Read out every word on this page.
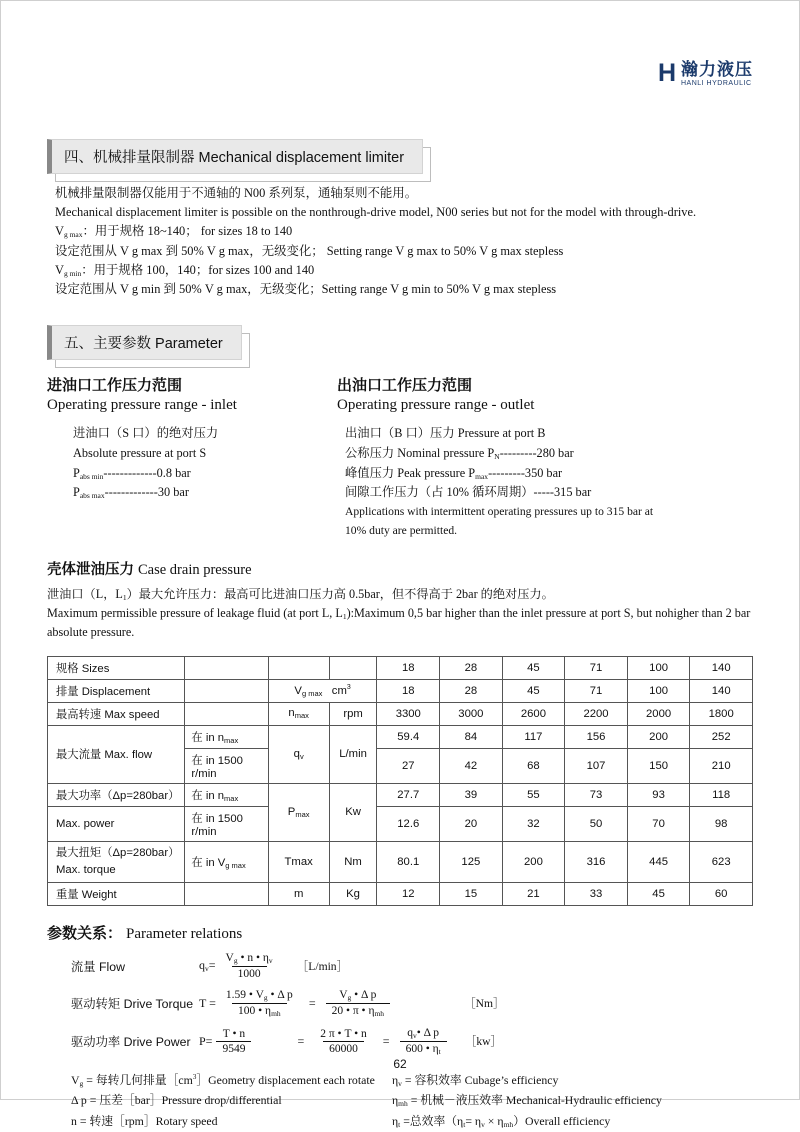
H 瀚力液压
HANLI HYDRAULIC
四、机械排量限制器 Mechanical displacement limiter
机械排量限制器仅能用于不通轴的 N00 系列泵，通轴泵则不能用。
Mechanical displacement limiter is possible on the nonthrough-drive model, N00 series but not for the model with through-drive.
$V_{g max}$：用于规格 18~140； for sizes 18 to 140
设定范围从 V g max 到 50% V g max，无级变化； Setting range V g max to 50% V g max stepless
$V_{g min}$：用于规格 100，140；for sizes 100 and 140
设定范围从 V g min 到 50% V g max，无级变化；Setting range V g min to 50% V g max stepless
五、主要参数 Parameter
进油口工作压力范围
Operating pressure range - inlet
进油口（S 口）的绝对压力
Absolute pressure at port S
$P_{abs min}-------------0.8$ bar
$P_{abs max}-------------30$ bar
出油口工作压力范围
Operating pressure range - outlet
出油口（B 口）压力 Pressure at port B
公称压力 Nominal pressure $P_N---------280$ bar
峰值压力 Peak pressure $P_{max}---------350$ bar
间隙工作压力（占 10% 循环周期）-----315 bar
Applications with intermittent operating pressures up to 315 bar at
10% duty are permitted.
壳体泄油压力 Case drain pressure
泄油口（L，$L_1$）最大允许压力：最高可比进油口压力高 0.5bar，但不得高于 2bar 的绝对压力。
Maximum permissible pressure of leakage fluid (at port L, $L_1):Maximum$ 0,5 bar higher than the inlet pressure at port S, but nohigher than 2 bar
absolute pressure.
规格 Sizes				18	28	45	71	100	140
排量 Displacement		$V_{g max}$   $cm^3$		18	28	45	71	100	140
最高转速 Max speed		$n_{max}$	rpm	3300	3000	2600	2200	2000	1800
最大流量 Max. flow	在 in $n_{max}$	$q_v$	L/min	59.4	84	117	156	200	252
	在 in 1500 r/min			27	42	68	107	150	210
最大功率（Δp=280bar）	在 in $n_{max}$	$P_{max}$	Kw	27.7	39	55	73	93	118
Max. power	在 in 1500 r/min			12.6	20	32	50	70	98
最大扭矩（Δp=280bar）
Max. torque	在 in $V_{g max}$	Tmax	Nm	80.1	125	200	316	445	623
重量 Weight		m	Kg	12	15	21	33	45	60
参数关系： Parameter relations
流量 Flow	$q_v= \frac{V_g • n • \eta_v}{1000}$ ［L/min］
驱动转矩 Drive Torque $T = \frac{1.59 • V_g • \Delta p}{100 • \eta_{mh}} = \frac{V_g • \Delta p}{20 • \pi • \eta_{mh}}$	［Nm］
驱动功率 Drive Power $P= \frac{T • n}{9549}$	= $\frac{2 \pi • T • n}{60000} = \frac{q_v• \Delta p}{600 • \eta_t}$ ［kw］
$V_g$ = 每转几何排量$[cm^3]Geometry$ displacement each rotate
Δ p = 压差［bar］Pressure drop/differential
n = 转速［rpm］Rotary speed
$\eta_v$ = 容积效率 Cubage’s efficiency
$\eta_{mh}$ = 机械－液压效率 Mechanical-Hydraulic efficiency
$\eta_t$ =总效率（$\eta_t= \eta_v$ × $\eta_{mh})Overall$ efficiency
62
